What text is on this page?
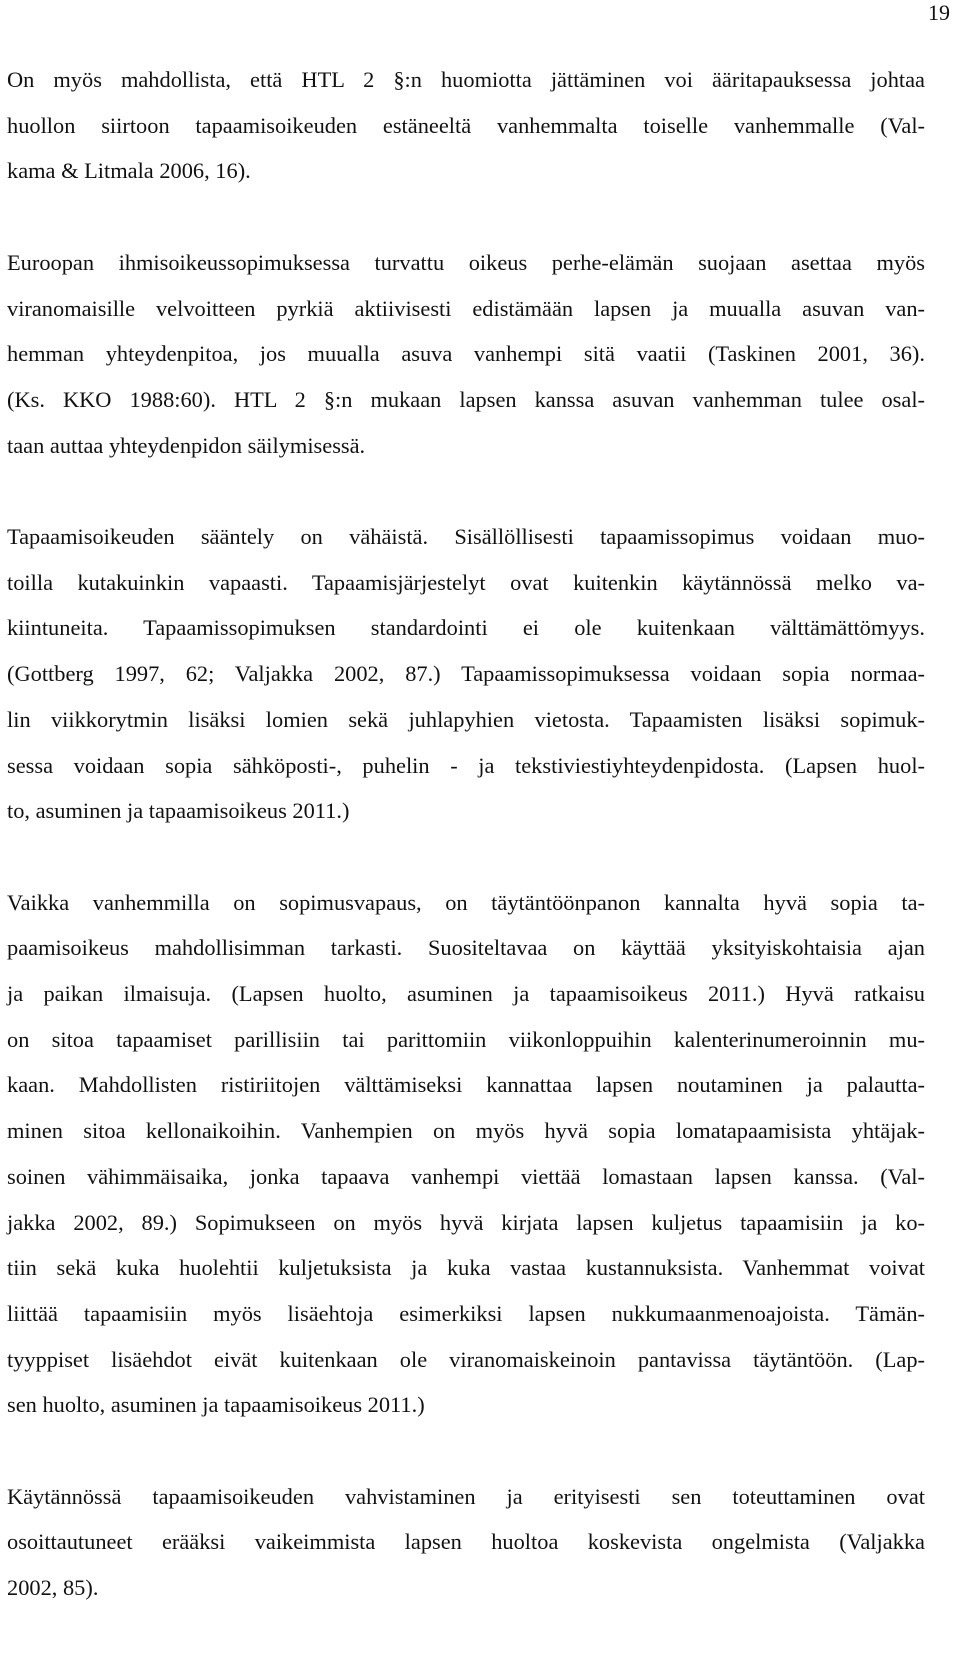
19

On myös mahdollista, että HTL 2 §:n huomiotta jättäminen voi ääritapauksessa johtaa
huollon siirtoon tapaamisoikeuden estäneeltä vanhemmalta toiselle vanhemmalle (Val-
kama & Litmala 2006, 16).

Euroopan ihmisoikeussopimuksessa turvattu oikeus perhe-elämän suojaan asettaa myös
viranomaisille velvoitteen pyrkiä aktiivisesti edistämään lapsen ja muualla asuvan van-
hemman yhteydenpitoa, jos muualla asuva vanhempi sitä vaatii (Taskinen 2001, 36).
(Ks. KKO 1988:60). HTL 2 §:n mukaan lapsen kanssa asuvan vanhemman tulee osal-
taan auttaa yhteydenpidon säilymisessä.

Tapaamisoikeuden sääntely on vähäistä. Sisällöllisesti tapaamissopimus voidaan muo-
toilla kutakuinkin vapaasti. Tapaamisjärjestelyt ovat kuitenkin käytännössä melko va-
kiintuneita. Tapaamissopimuksen standardointi ei ole kuitenkaan välttämättömyys.
(Gottberg 1997, 62; Valjakka 2002, 87.) Tapaamissopimuksessa voidaan sopia normaa-
lin viikkorytmin lisäksi lomien sekä juhlapyhien vietosta. Tapaamisten lisäksi sopimuk-
sessa voidaan sopia sähköposti-, puhelin - ja tekstiviestiyhteydenpidosta. (Lapsen huol-
to, asuminen ja tapaamisoikeus 2011.)

Vaikka vanhemmilla on sopimusvapaus, on täytäntöönpanon kannalta hyvä sopia ta-
paamisoikeus mahdollisimman tarkasti. Suositeltavaa on käyttää yksityiskohtaisia ajan
ja paikan ilmaisuja. (Lapsen huolto, asuminen ja tapaamisoikeus 2011.) Hyvä ratkaisu
on sitoa tapaamiset parillisiin tai parittomiin viikonloppuihin kalenterinumeroinnin mu-
kaan. Mahdollisten ristiriitojen välttämiseksi kannattaa lapsen noutaminen ja palautta-
minen sitoa kellonaikoihin. Vanhempien on myös hyvä sopia lomatapaamisista yhtäjak-
soinen vähimmäisaika, jonka tapaava vanhempi viettää lomastaan lapsen kanssa. (Val-
jakka 2002, 89.) Sopimukseen on myös hyvä kirjata lapsen kuljetus tapaamisiin ja ko-
tiin sekä kuka huolehtii kuljetuksista ja kuka vastaa kustannuksista. Vanhemmat voivat
liittää tapaamisiin myös lisäehtoja esimerkiksi lapsen nukkumaanmenoajoista. Tämän-
tyyppiset lisäehdot eivät kuitenkaan ole viranomaiskeinoin pantavissa täytäntöön. (Lap-
sen huolto, asuminen ja tapaamisoikeus 2011.)

Käytännössä tapaamisoikeuden vahvistaminen ja erityisesti sen toteuttaminen ovat
osoittautuneet erääksi vaikeimmista lapsen huoltoa koskevista ongelmista (Valjakka
2002, 85).
